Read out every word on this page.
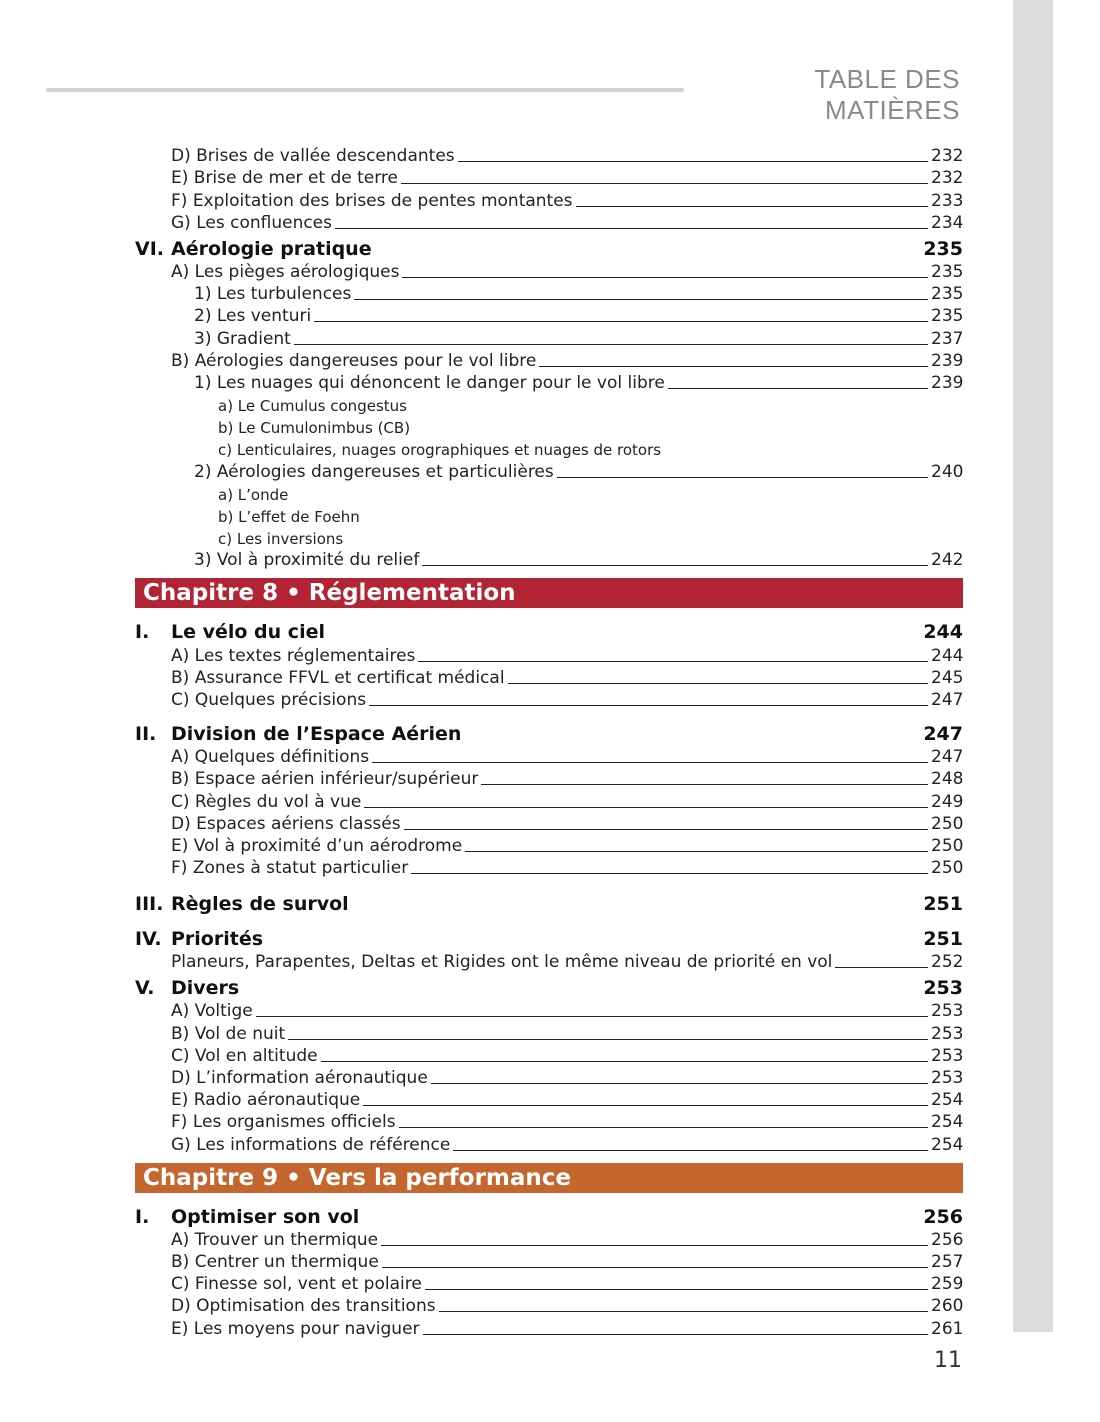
TABLE DES MATIÈRES
D) Brises de vallée descendantes	232
E) Brise de mer et de terre	232
F) Exploitation des brises de pentes montantes	233
G) Les confluences	234
VI. Aérologie pratique	235
A) Les pièges aérologiques	235
1) Les turbulences	235
2) Les venturi	235
3) Gradient	237
B) Aérologies dangereuses pour le vol libre	239
1) Les nuages qui dénoncent le danger pour le vol libre	239
a) Le Cumulus congestus
b) Le Cumulonimbus (CB)
c) Lenticulaires, nuages orographiques et nuages de rotors
2) Aérologies dangereuses et particulières	240
a) L’onde
b) L’effet de Foehn
c) Les inversions
3) Vol à proximité du relief	242
Chapitre 8 • Réglementation
I.	Le vélo du ciel	244
A) Les textes réglementaires	244
B) Assurance FFVL et certificat médical	245
C) Quelques précisions	247
II. Division de l’Espace Aérien	247
A) Quelques définitions	247
B) Espace aérien inférieur/supérieur	248
C) Règles du vol à vue	249
D) Espaces aériens classés	250
E) Vol à proximité d’un aérodrome	250
F) Zones à statut particulier	250
III. Règles de survol	251
IV. Priorités	251
Planeurs, Parapentes, Deltas et Rigides ont le même niveau de priorité en vol	252
V. Divers	253
A) Voltige	253
B) Vol de nuit	253
C) Vol en altitude	253
D) L’information aéronautique	253
E) Radio aéronautique	254
F) Les organismes officiels	254
G) Les informations de référence	254
Chapitre 9 • Vers la performance
I.	Optimiser son vol	256
A) Trouver un thermique	256
B) Centrer un thermique	257
C) Finesse sol, vent et polaire	259
D) Optimisation des transitions	260
E) Les moyens pour naviguer	261
11
